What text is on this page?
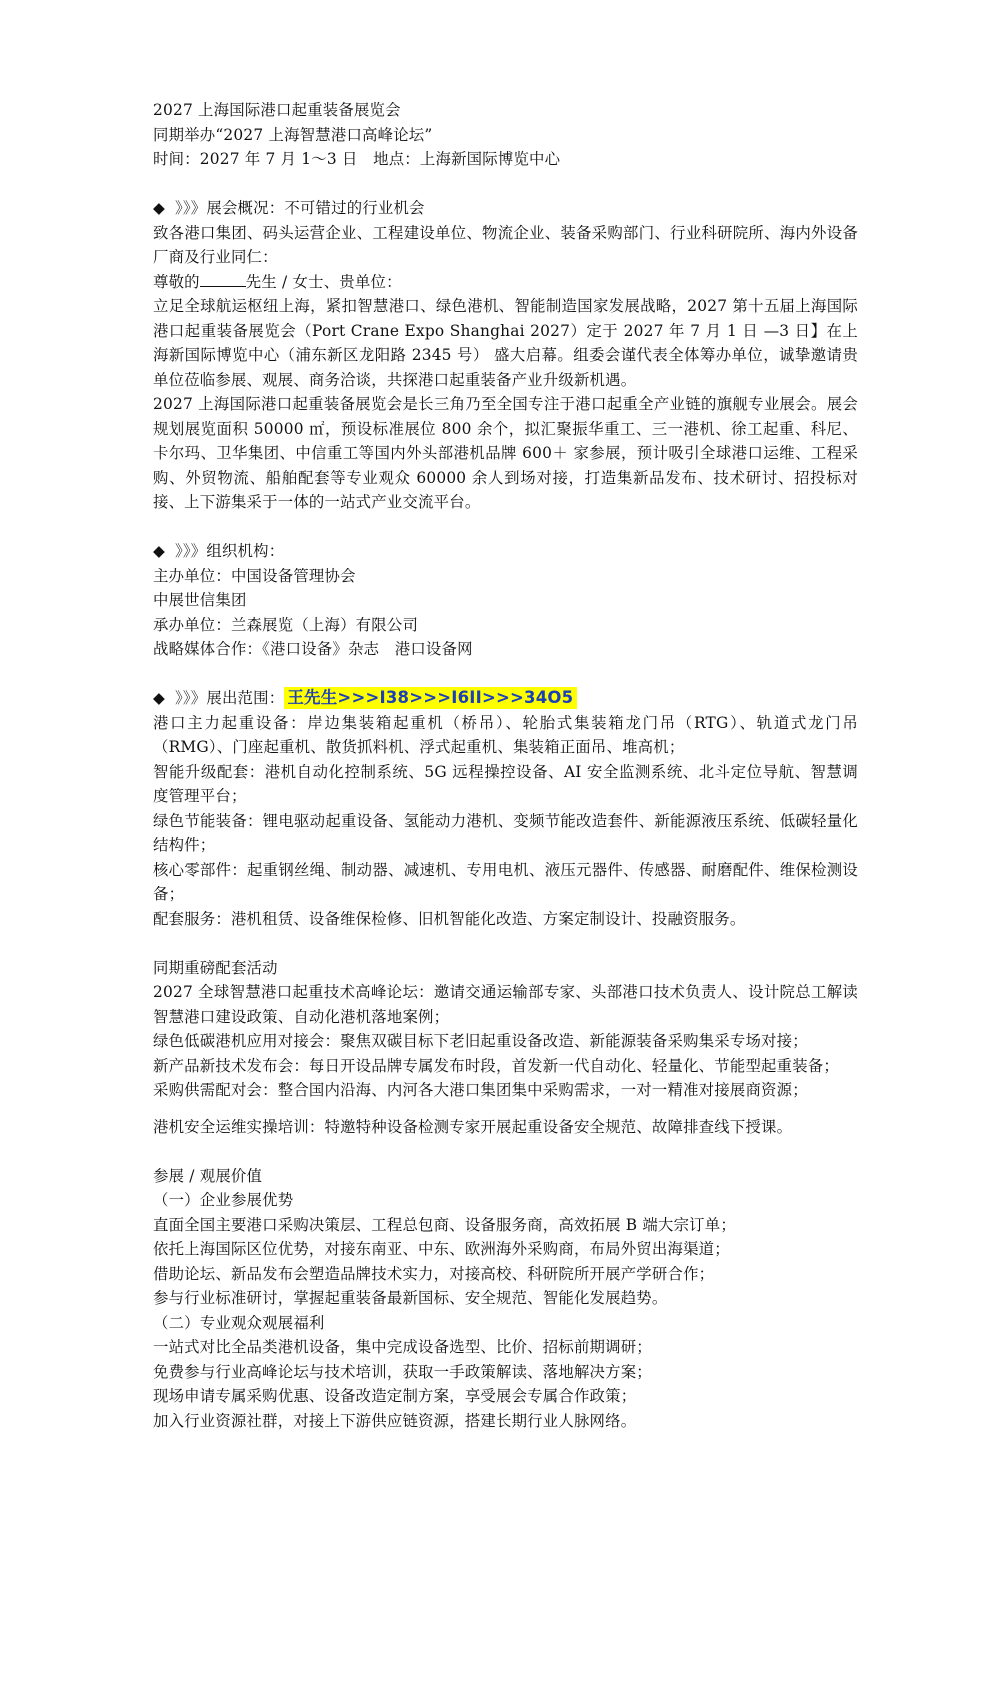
2027 上海国际港口起重装备展览会
同期举办“2027 上海智慧港口高峰论坛”
时间：2027 年 7 月 1～3 日　地点：上海新国际博览中心
◆ 》》》展会概况：不可错过的行业机会
致各港口集团、码头运营企业、工程建设单位、物流企业、装备采购部门、行业科研院所、海内外设备厂商及行业同仁：
尊敬的	先生 / 女士、贵单位：
立足全球航运枢纽上海，紧扣智慧港口、绿色港机、智能制造国家发展战略，2027 第十五届上海国际港口起重装备展览会（Port Crane Expo Shanghai 2027）定于 2027 年 7 月 1 日 —3 日】在上海新国际博览中心（浦东新区龙阳路 2345 号） 盛大启幕。组委会谨代表全体筹办单位，诚挚邀请贵单位莅临参展、观展、商务洽谈，共探港口起重装备产业升级新机遇。
2027 上海国际港口起重装备展览会是长三角乃至全国专注于港口起重全产业链的旗舰专业展会。展会规划展览面积 50000 ㎡，预设标准展位 800 余个，拟汇聚振华重工、三一港机、徐工起重、科尼、卡尔玛、卫华集团、中信重工等国内外头部港机品牌 600＋ 家参展，预计吸引全球港口运维、工程采购、外贸物流、船舶配套等专业观众 60000 余人到场对接，打造集新品发布、技术研讨、招投标对接、上下游集采于一体的一站式产业交流平台。
◆ 》》》组织机构：
主办单位：中国设备管理协会
中展世信集团
承办单位：兰森展览（上海）有限公司
战略媒体合作：《港口设备》杂志　港口设备网
◆ 》》》展出范围： 王先生>>>I38>>>I6II>>>34O5
港口主力起重设备：岸边集装箱起重机（桥吊）、轮胎式集装箱龙门吊（RTG）、轨道式龙门吊（RMG）、门座起重机、散货抓料机、浮式起重机、集装箱正面吊、堆高机；
智能升级配套：港机自动化控制系统、5G 远程操控设备、AI 安全监测系统、北斗定位导航、智慧调度管理平台；
绿色节能装备：锂电驱动起重设备、氢能动力港机、变频节能改造套件、新能源液压系统、低碳轻量化结构件；
核心零部件：起重钢丝绳、制动器、减速机、专用电机、液压元器件、传感器、耐磨配件、维保检测设备；
配套服务：港机租赁、设备维保检修、旧机智能化改造、方案定制设计、投融资服务。
同期重磅配套活动
2027 全球智慧港口起重技术高峰论坛：邀请交通运输部专家、头部港口技术负责人、设计院总工解读智慧港口建设政策、自动化港机落地案例；
绿色低碳港机应用对接会：聚焦双碳目标下老旧起重设备改造、新能源装备采购集采专场对接；
新产品新技术发布会：每日开设品牌专属发布时段，首发新一代自动化、轻量化、节能型起重装备；
采购供需配对会：整合国内沿海、内河各大港口集团集中采购需求，一对一精准对接展商资源；
港机安全运维实操培训：特邀特种设备检测专家开展起重设备安全规范、故障排查线下授课。
参展 / 观展价值
（一）企业参展优势
直面全国主要港口采购决策层、工程总包商、设备服务商，高效拓展 B 端大宗订单；
依托上海国际区位优势，对接东南亚、中东、欧洲海外采购商，布局外贸出海渠道；
借助论坛、新品发布会塑造品牌技术实力，对接高校、科研院所开展产学研合作；
参与行业标准研讨，掌握起重装备最新国标、安全规范、智能化发展趋势。
（二）专业观众观展福利
一站式对比全品类港机设备，集中完成设备选型、比价、招标前期调研；
免费参与行业高峰论坛与技术培训，获取一手政策解读、落地解决方案；
现场申请专属采购优惠、设备改造定制方案，享受展会专属合作政策；
加入行业资源社群，对接上下游供应链资源，搭建长期行业人脉网络。
